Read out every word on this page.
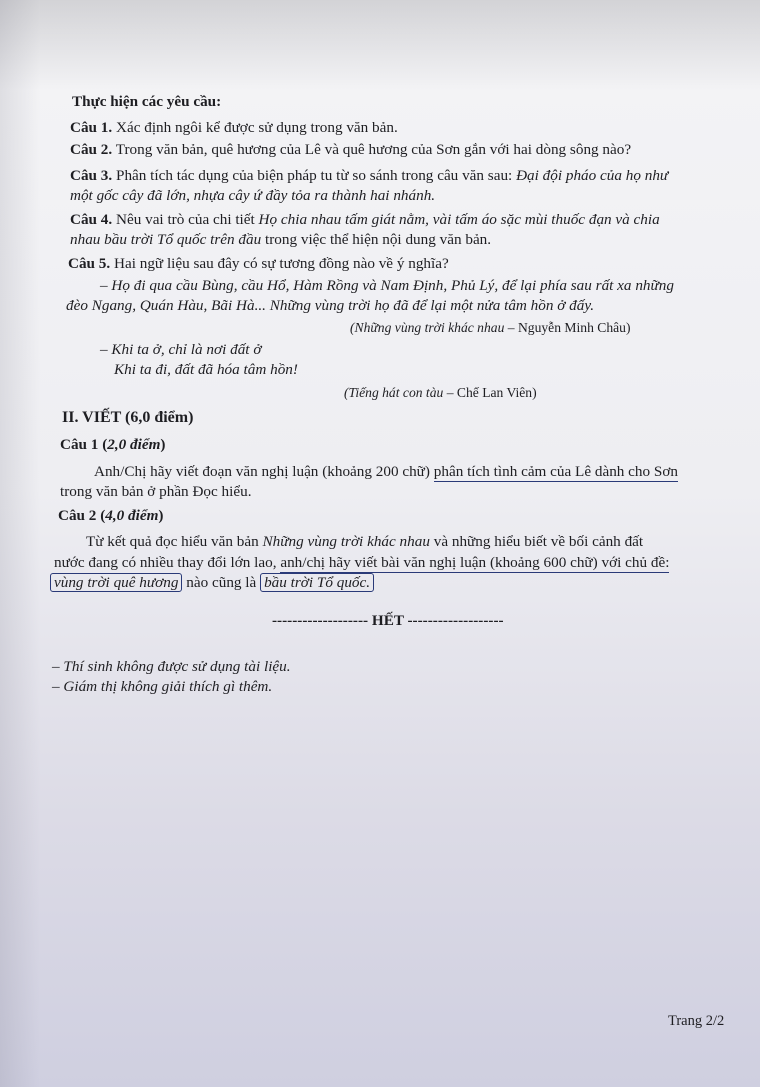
Thực hiện các yêu cầu:
Câu 1. Xác định ngôi kể được sử dụng trong văn bản.
Câu 2. Trong văn bản, quê hương của Lê và quê hương của Sơn gắn với hai dòng sông nào?
Câu 3. Phân tích tác dụng của biện pháp tu từ so sánh trong câu văn sau: Đại đội pháo của họ như
một gốc cây đã lớn, nhựa cây ứ đầy tỏa ra thành hai nhánh.
Câu 4. Nêu vai trò của chi tiết Họ chia nhau tấm giát nằm, vài tấm áo sặc mùi thuốc đạn và chia
nhau bầu trời Tổ quốc trên đầu trong việc thể hiện nội dung văn bản.
Câu 5. Hai ngữ liệu sau đây có sự tương đồng nào về ý nghĩa?
– Họ đi qua cầu Bùng, cầu Hổ, Hàm Rồng và Nam Định, Phủ Lý, để lại phía sau rất xa những
đèo Ngang, Quán Hàu, Bãi Hà... Những vùng trời họ đã để lại một nửa tâm hồn ở đấy.
(Những vùng trời khác nhau – Nguyễn Minh Châu)
– Khi ta ở, chỉ là nơi đất ở
Khi ta đi, đất đã hóa tâm hồn!
(Tiếng hát con tàu – Chế Lan Viên)
II. VIẾT (6,0 điểm)
Câu 1 (2,0 điểm)
Anh/Chị hãy viết đoạn văn nghị luận (khoảng 200 chữ) phân tích tình cảm của Lê dành cho Sơn
trong văn bản ở phần Đọc hiểu.
Câu 2 (4,0 điểm)
Từ kết quả đọc hiểu văn bản Những vùng trời khác nhau và những hiểu biết về bối cảnh đất
nước đang có nhiều thay đổi lớn lao, anh/chị hãy viết bài văn nghị luận (khoảng 600 chữ) với chủ đề:
vùng trời quê hương nào cũng là bầu trời Tổ quốc.
------------------- HẾT -------------------
– Thí sinh không được sử dụng tài liệu.
– Giám thị không giải thích gì thêm.
Trang 2/2
